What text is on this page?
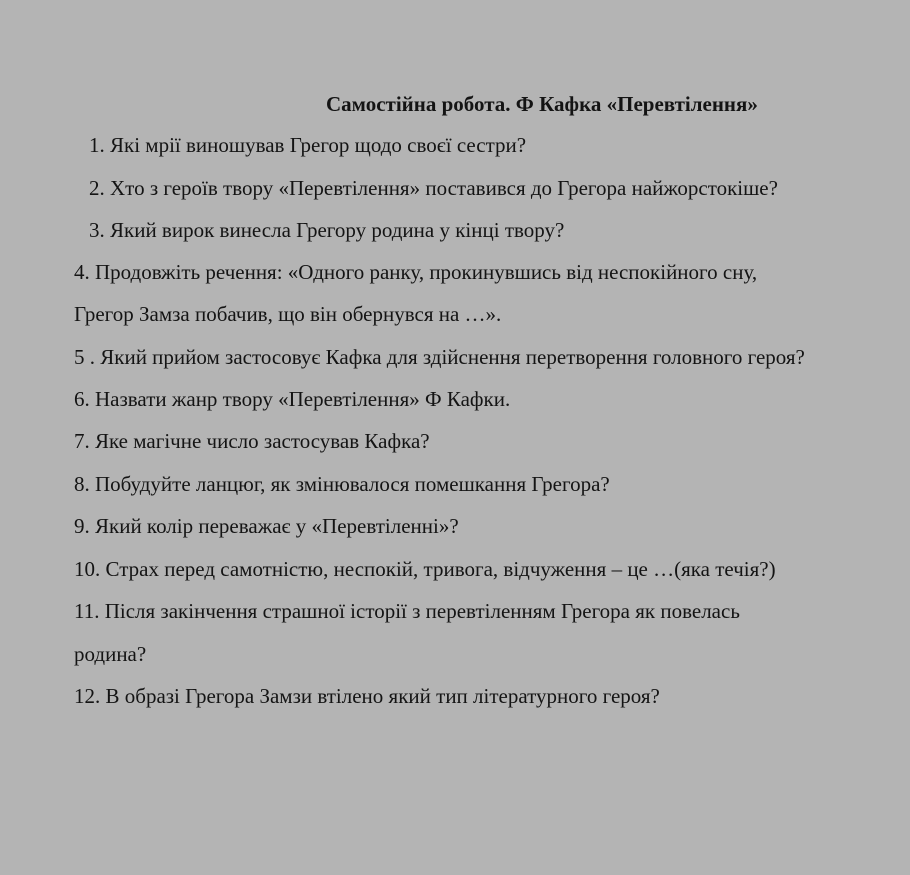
Самостійна робота. Ф Кафка «Перевтілення»
1. Які мрії виношував Грегор щодо своєї сестри?
2. Хто з героїв твору «Перевтілення» поставився до Грегора найжорстокіше?
3. Який вирок винесла Грегору родина у кінці твору?
4. Продовжіть речення: «Одного ранку, прокинувшись від неспокійного сну,
Грегор Замза побачив, що він обернувся на …».
5 . Який прийом застосовує Кафка для здійснення перетворення головного героя?
6. Назвати жанр твору «Перевтілення» Ф Кафки.
7. Яке магічне число застосував Кафка?
8. Побудуйте ланцюг, як змінювалося помешкання Грегора?
9. Який колір переважає у «Перевтіленні»?
10. Страх перед самотністю, неспокій, тривога, відчуження – це …(яка течія?)
11. Після закінчення страшної історії з перевтіленням Грегора як повелась
родина?
12. В образі Грегора Замзи втілено який тип літературного героя?
